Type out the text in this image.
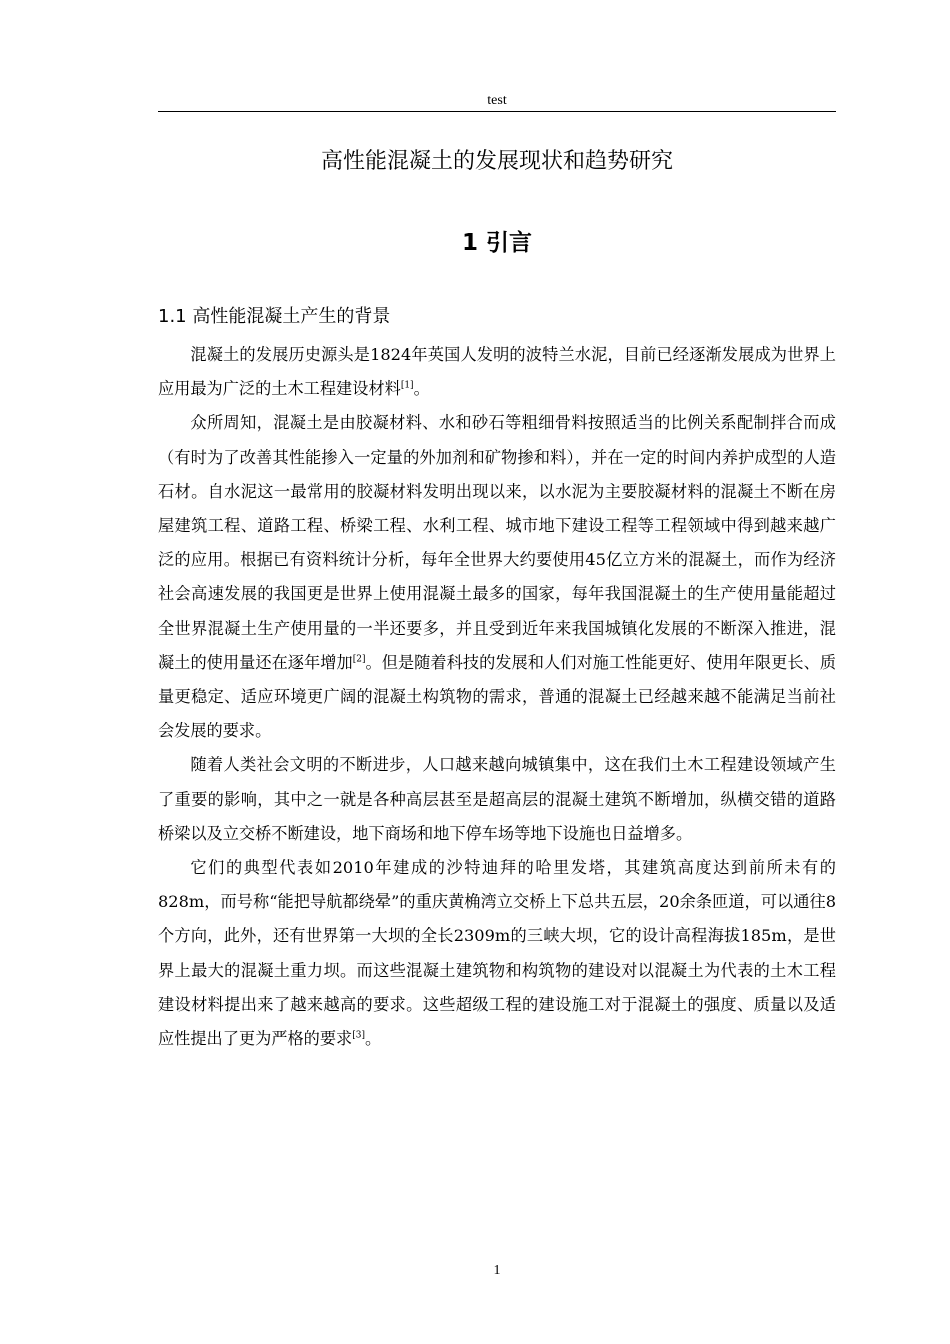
test
高性能混凝土的发展现状和趋势研究
1 引言
1.1 高性能混凝土产生的背景

混凝土的发展历史源头是1824年英国人发明的波特兰水泥，目前已经逐渐发展成为世界上应用最为广泛的土木工程建设材料[1]。

众所周知，混凝土是由胶凝材料、水和砂石等粗细骨料按照适当的比例关系配制拌合而成（有时为了改善其性能掺入一定量的外加剂和矿物掺和料），并在一定的时间内养护成型的人造石材。自水泥这一最常用的胶凝材料发明出现以来，以水泥为主要胶凝材料的混凝土不断在房屋建筑工程、道路工程、桥梁工程、水利工程、城市地下建设工程等工程领域中得到越来越广泛的应用。根据已有资料统计分析，每年全世界大约要使用45亿立方米的混凝土，而作为经济社会高速发展的我国更是世界上使用混凝土最多的国家，每年我国混凝土的生产使用量能超过全世界混凝土生产使用量的一半还要多，并且受到近年来我国城镇化发展的不断深入推进，混凝土的使用量还在逐年增加[2]。但是随着科技的发展和人们对施工性能更好、使用年限更长、质量更稳定、适应环境更广阔的混凝土构筑物的需求，普通的混凝土已经越来越不能满足当前社会发展的要求。

随着人类社会文明的不断进步，人口越来越向城镇集中，这在我们土木工程建设领域产生了重要的影响，其中之一就是各种高层甚至是超高层的混凝土建筑不断增加，纵横交错的道路桥梁以及立交桥不断建设，地下商场和地下停车场等地下设施也日益增多。

它们的典型代表如2010年建成的沙特迪拜的哈里发塔，其建筑高度达到前所未有的828m，而号称“能把导航都绕晕”的重庆黄桷湾立交桥上下总共五层，20余条匝道，可以通往8个方向，此外，还有世界第一大坝的全长2309m的三峡大坝，它的设计高程海拔185m，是世界上最大的混凝土重力坝。而这些混凝土建筑物和构筑物的建设对以混凝土为代表的土木工程建设材料提出来了越来越高的要求。这些超级工程的建设施工对于混凝土的强度、质量以及适应性提出了更为严格的要求[3]。

1
